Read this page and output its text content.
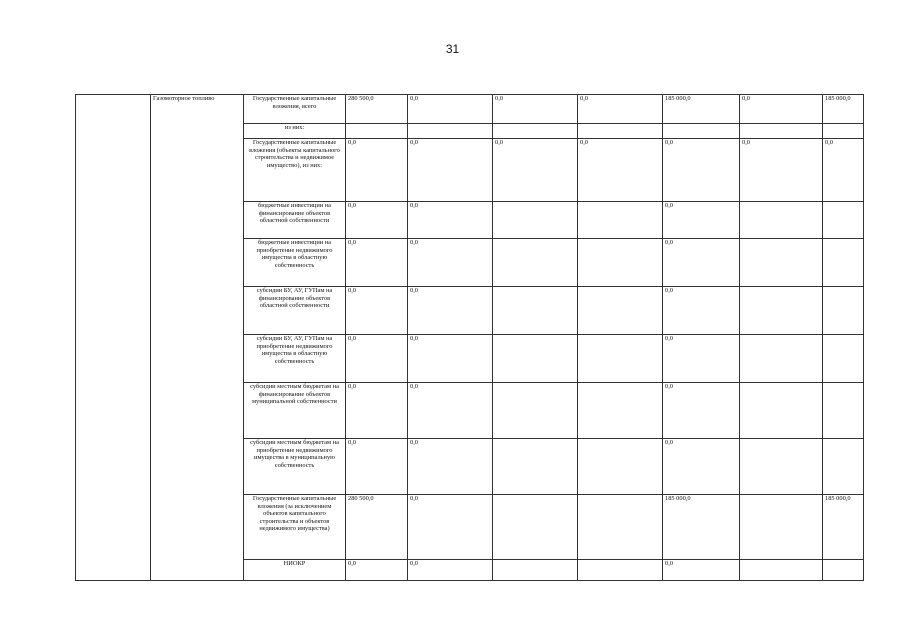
31
	Газомоторное топливо	Государственные капитальные вложения, всего	280 500,0	0,0	0,0	0,0	185 000,0	0,0	185 000,0	
		из них:								
		Государственные капитальные вложения (объекты капитального строительства и недвижимое имущество), из них:	0,0	0,0	0,0	0,0	0,0	0,0	0,0	
		бюджетные инвестиции на финансирование объектов областной собственности	0,0	0,0			0,0			
		бюджетные инвестиции на приобретение недвижимого имущества в областную собственность	0,0	0,0			0,0			
		субсидии БУ, АУ, ГУПам на финансирование объектов областной собственности	0,0	0,0			0,0			
		субсидии БУ, АУ, ГУПам на приобретение недвижимого имущества в областную собственность	0,0	0,0			0,0			
		субсидии местным бюджетам на финансирование объектов муниципальной собственности	0,0	0,0			0,0			
		субсидии местным бюджетам на приобретение недвижимого имущества в муниципальную собственность	0,0	0,0			0,0			
		Государственные капитальные вложения (за исключением объектов капитального строительства и объектов недвижимого имущества)	280 500,0	0,0			185 000,0		185 000,0	
		НИОКР	0,0	0,0			0,0			
